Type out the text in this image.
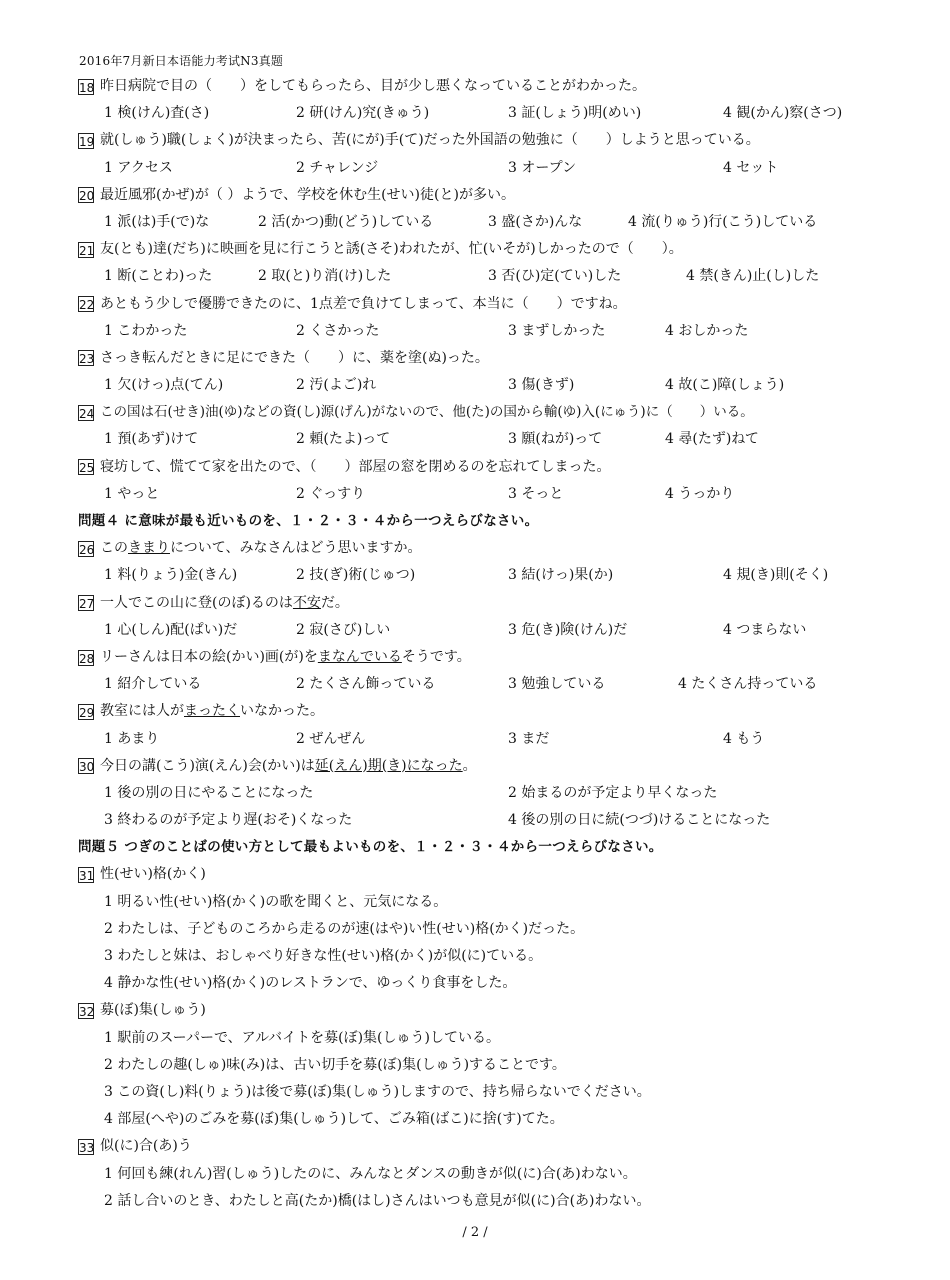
2016年7月新日本语能力考试N3真题
18 昨日病院で目の（　　）をしてもらったら、目が少し悪くなっていることがわかった。
1 検(けん)査(さ)	2 研(けん)究(きゅう)	3 証(しょう)明(めい)	4 観(かん)察(さつ)
19 就(しゅう)職(しょく)が決まったら、苦(にが)手(て)だった外国語の勉強に（　　）しようと思っている。
1 アクセス	2 チャレンジ	3 オープン	4 セット
20 最近風邪(かぜ)が（ ）ようで、学校を休む生(せい)徒(と)が多い。
1 派(は)手(で)な	2 活(かつ)動(どう)している	3 盛(さか)んな	4 流(りゅう)行(こう)している
21 友(とも)達(だち)に映画を見に行こうと誘(さそ)われたが、忙(いそが)しかったので（　　）。
1 断(ことわ)った	2 取(と)り消(け)した	3 否(ひ)定(てい)した	4 禁(きん)止(し)した
22 あともう少しで優勝できたのに、1点差で負けてしまって、本当に（　　）ですね。
1 こわかった	2 くさかった	3 まずしかった	4 おしかった
23 さっき転んだときに足にできた（　　）に、薬を塗(ぬ)った。
1 欠(けっ)点(てん)	2 汚(よご)れ	3 傷(きず)	4 故(こ)障(しょう)
24 この国は石(せき)油(ゆ)などの資(し)源(げん)がないので、他(た)の国から輸(ゆ)入(にゅう)に（　　）いる。
1 預(あず)けて	2 頼(たよ)って	3 願(ねが)って	4 尋(たず)ねて
25 寝坊して、慌てて家を出たので、（　　）部屋の窓を閉めるのを忘れてしまった。
1 やっと	2 ぐっすり	3 そっと	4 うっかり
問題４ に意味が最も近いものを、１・２・３・４から一つえらびなさい。
26 この きまり について、みなさんはどう思いますか。
1 料(りょう)金(きん)	2 技(ぎ)術(じゅつ)	3 結(けっ)果(か)	4 規(き)則(そく)
27 一人でこの山に登(のぼ)るのは 不安 だ。
1 心(しん)配(ぱい)だ	2 寂(さび)しい	3 危(き)険(けん)だ	4 つまらない
28 リーさんは日本の絵(かい)画(が)を まなんでいる そうです。
1 紹介している	2 たくさん飾っている	3 勉強している	4 たくさん持っている
29 教室には人が まったく いなかった。
1 あまり	2 ぜんぜん	3 まだ	4 もう
30 今日の講(こう)演(えん)会(かい)は 延(えん)期(き)になった 。
1 後の別の日にやることになった	2 始まるのが予定より早くなった
3 終わるのが予定より遅(おそ)くなった	4 後の別の日に続(つづ)けることになった
問題５ つぎのことばの使い方として最もよいものを、１・２・３・４から一つえらびなさい。
31 性(せい)格(かく)
1 明るい性(せい)格(かく)の歌を聞くと、元気になる。
2 わたしは、子どものころから走るのが速(はや)い性(せい)格(かく)だった。
3 わたしと妹は、おしゃべり好きな性(せい)格(かく)が似(に)ている。
4 静かな性(せい)格(かく)のレストランで、ゆっくり食事をした。
32 募(ぼ)集(しゅう)
1 駅前のスーパーで、アルバイトを募(ぼ)集(しゅう)している。
2 わたしの趣(しゅ)味(み)は、古い切手を募(ぼ)集(しゅう)することです。
3 この資(し)料(りょう)は後で募(ぼ)集(しゅう)しますので、持ち帰らないでください。
4 部屋(へや)のごみを募(ぼ)集(しゅう)して、ごみ箱(ばこ)に捨(す)てた。
33 似(に)合(あ)う
1 何回も練(れん)習(しゅう)したのに、みんなとダンスの動きが似(に)合(あ)わない。
2 話し合いのとき、わたしと高(たか)橋(はし)さんはいつも意見が似(に)合(あ)わない。
/ 2 /
